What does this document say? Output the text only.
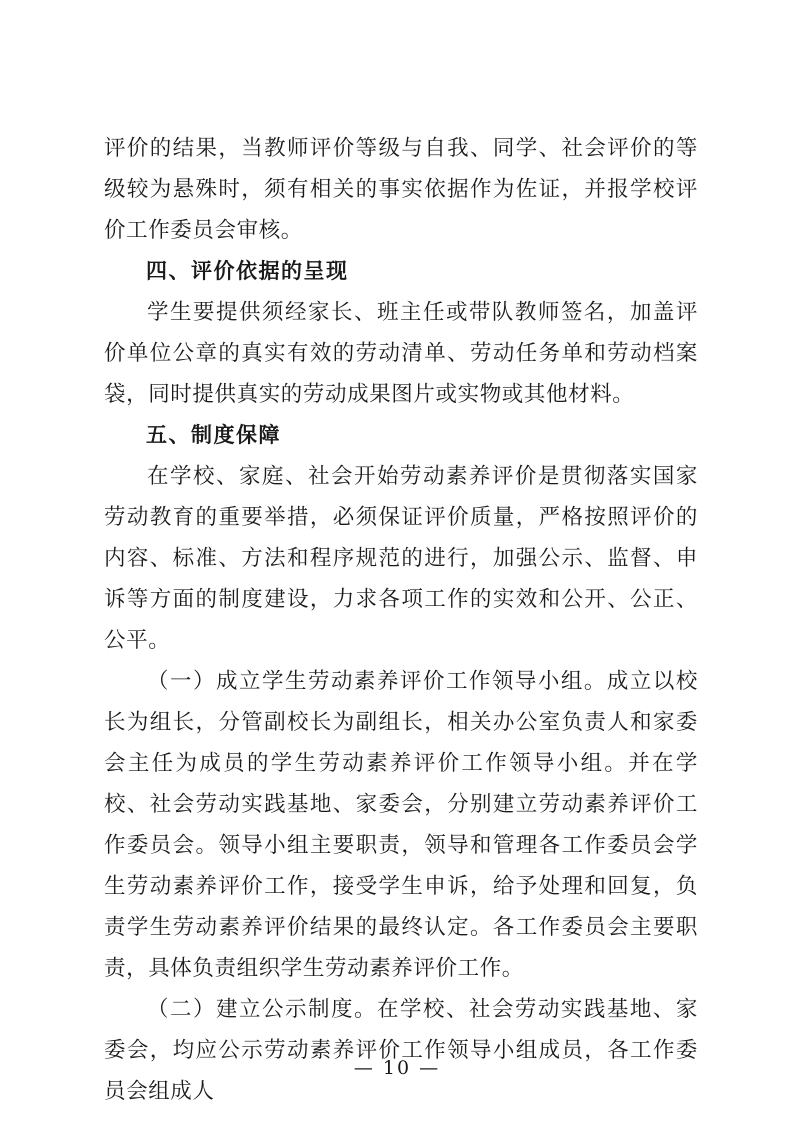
评价的结果，当教师评价等级与自我、同学、社会评价的等级较为悬殊时，须有相关的事实依据作为佐证，并报学校评价工作委员会审核。

四、评价依据的呈现

学生要提供须经家长、班主任或带队教师签名，加盖评价单位公章的真实有效的劳动清单、劳动任务单和劳动档案袋，同时提供真实的劳动成果图片或实物或其他材料。

五、制度保障

在学校、家庭、社会开始劳动素养评价是贯彻落实国家劳动教育的重要举措，必须保证评价质量，严格按照评价的内容、标准、方法和程序规范的进行，加强公示、监督、申诉等方面的制度建设，力求各项工作的实效和公开、公正、公平。

（一）成立学生劳动素养评价工作领导小组。成立以校长为组长，分管副校长为副组长，相关办公室负责人和家委会主任为成员的学生劳动素养评价工作领导小组。并在学校、社会劳动实践基地、家委会，分别建立劳动素养评价工作委员会。领导小组主要职责，领导和管理各工作委员会学生劳动素养评价工作，接受学生申诉，给予处理和回复，负责学生劳动素养评价结果的最终认定。各工作委员会主要职责，具体负责组织学生劳动素养评价工作。

（二）建立公示制度。在学校、社会劳动实践基地、家委会，均应公示劳动素养评价工作领导小组成员，各工作委员会组成人

— 10 —
